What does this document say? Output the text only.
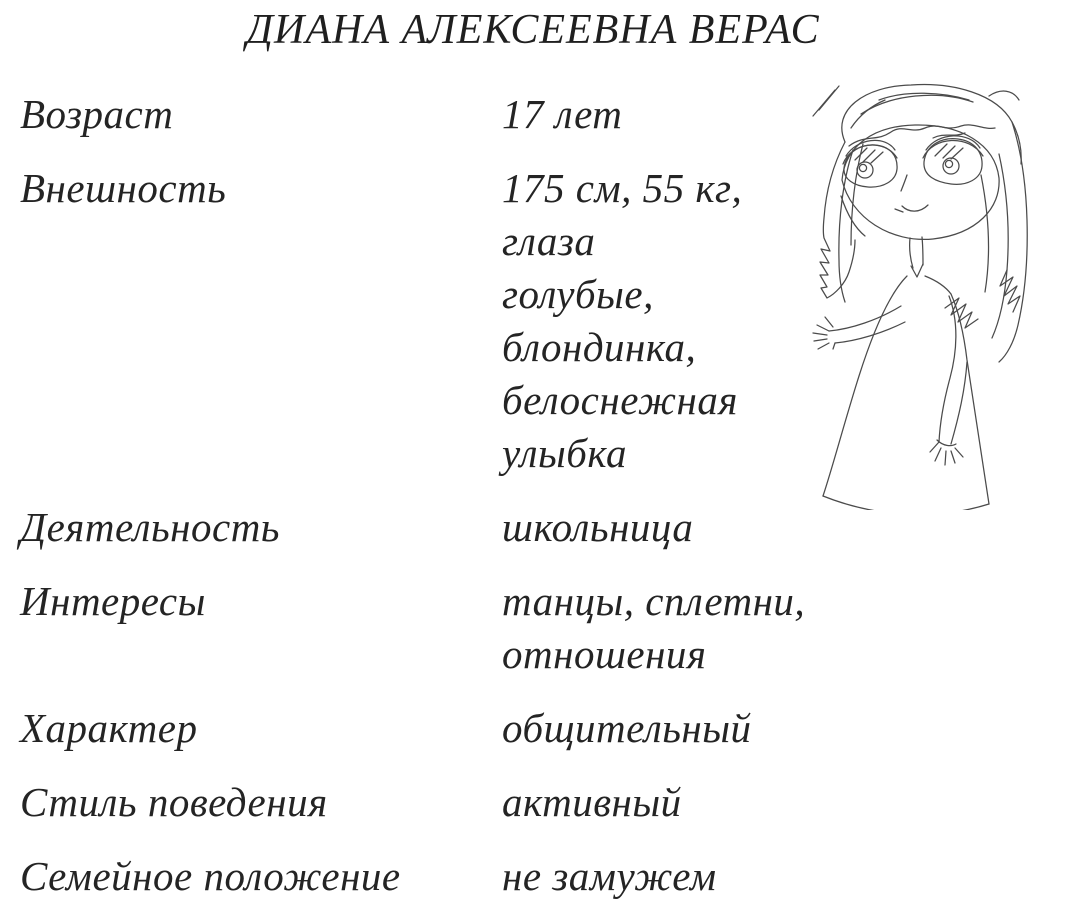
ДИАНА АЛЕКСЕЕВНА ВЕРАС
Возраст	17 лет
Внешность	175 см, 55 кг,
глаза
голубые,
блондинка,
белоснежная
улыбка
Деятельность	школьница
Интересы	танцы, сплетни,
отношения
Характер	общительный
Стиль поведения	активный
Семейное положение	не замужем
